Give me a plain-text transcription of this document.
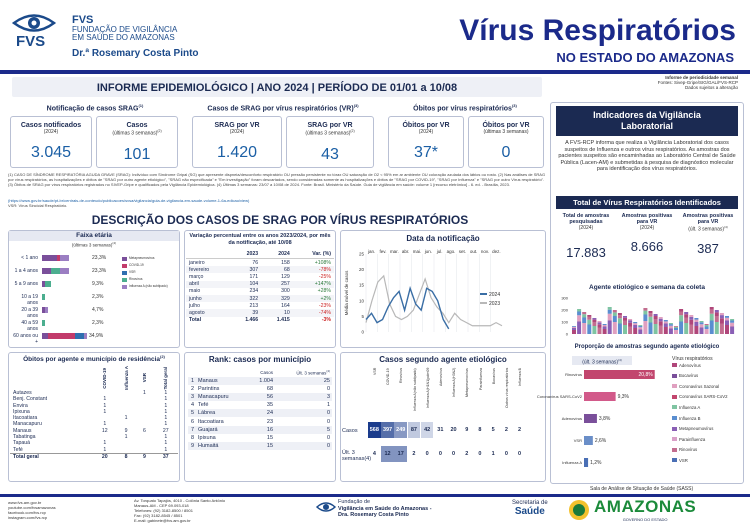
FVS
FVS
FUNDAÇÃO DE VIGILÂNCIA
EM SAÚDE DO AMAZONAS
Dr.ª Rosemary Costa Pinto
Vírus Respiratórios
NO ESTADO DO AMAZONAS
INFORME EPIDEMIOLÓGICO | ANO 2024 | PERÍODO DE 01/01 a 10/08
Informe de periodicidade semanal
Fontes: Sivep-Gripe/SIG/GAL/FVS-RCP
Dados sujeitos a alteração
Notificação de casos SRAG$^{(1)}$
Casos notificados
(2024)
3.045
Casos
(últimas 3 semanas)$^{(2)}$
101
Casos de SRAG por vírus respiratórios (VR)$^{(3)}$
SRAG por VR
(2024)
1.420
SRAG por VR
(últimas 3 semanas)$^{(2)}$
43
Óbitos por vírus respiratórios$^{(3)}$
Óbitos por VR
(2024)
37*
Óbitos por VR
(últimas 3 semanas)
0
(1) CASO DE SÍNDROME RESPIRATÓRIA AGUDA GRAVE (SRAG): Indivíduo com Síndrome Gripal (SG) que apresente dispneia/desconforto respiratório OU pressão persistente no tórax OU saturação de O2 < 95% em ar ambiente OU coloração azulada dos lábios ou rosto. (2) Nas análises de SRAG por vírus respiratórios, as hospitalizações e óbitos de "SRAG por outro agente etiológico", "SRAG não especificada" e "Em investigação" foram descartados, sendo consideradas somente as hospitalizações e óbitos de "SRAG por COVID-19", "SRAG por Influenza" e "SRAG por outro Vírus respiratório". (3) Óbitos de SRAG por vírus respiratórios registrados no SIVEP-Gripe e qualificados pela Vigilância Epidemiológica. (4) Últimas 3 semanas: 23/07 a 10/08 de 2024. Fonte: Brasil. Ministério da Saúde. Guia de vigilância em saúde: volume 1 [recurso eletrônico] - 6. ed. - Brasília, 2023.
(https://www.gov.br/saude/pt-br/centrais-de-conteudo/publicacoes/svsa/vigilancia/guia-de-vigilancia-em-saude-volume-1-6a-edicao/view)
VSR: Vírus Sincicial Respiratório.
DESCRIÇÃO DOS CASOS DE SRAG POR VÍRUS RESPIRATÓRIOS
Faixa etária
(últimas 3 semanas)$^{(4)}$
< 1 ano	23,3%
1 a 4 anos	23,3%
5 a 9 anos	9,3%
10 a 19 anos
2,3%
20 a 39 anos
4,7%
40 a 59 anos
2,3%
60 anos ou +
34,9%
Metapneumovírus
COVID-19
VSR
Rinovírus
Influenza A (não subtipado)
Variação percentual entre os anos 2023/2024, por mês da notificação, até 10/08
	2023	2024	Var. (%)
janeiro	76	158	+108%
fevereiro	307	68	-78%
março	171	129	-25%
abril	104	257	+147%
maio	234	300	+28%
junho	322	329	+2%
julho	213	164	-23%
agosto	39	10	-74%
Total	1.466	1.415	-3%
Data da notificação
jan. fev. mar. abr. mai. jun. jul. ago. set. out. nov. dez.
25
20
15
10
5
0
Média móvel de casos	2024
2023
Óbitos por agente e município de residência$^{(2)}$

	COVID-19	Influenza A	VSR	Total geral

Autazes			1	1
Benj. Constant	1			1
Envira	1			1
Ipixuna	1			1
Itacoatiara		1		1
Manacapuru	1			1
Manaus	12	9	6	27
Tabatinga		1		1
Tapauá	1			1
Tefé	1			1
Total geral	20	8	9	37
Rank: casos por município
		Casos	Últ. 3 semanas$^{(4)}$
1	Manaus	1.004	25
2	Parintins	68	0
3	Manacapuru	56	3
4	Tefé	35	1
5	Lábrea	24	0
6	Itacoatiara	23	0
7	Guajará	16	5
8	Ipixuna	15	0
9	Humaitá	15	0
Casos segundo agente etiológico
VSR	COVID-19	Rinovírus	Influenza A(não subtipado)	Influenza A(H1N1)pdm09	Adenovírus	Influenza A(H3N2)	Metapneumovírus	Parainfluenza	Bocavírus	Outros vírus respiratórios	Influenza B
Casos
Últ. 3 semanas(4)
568 397 249	87	42	31	20	9	8	5	2	2
4	12	17	2	0	0	0	2	0	1	0	0
Indicadores da Vigilância Laboratorial
A FVS-RCP informa que realiza a Vigilância Laboratorial dos casos suspeitos de Influenza e outros vírus respiratórios. As amostras dos pacientes suspeitos são encaminhadas ao Laboratório Central de Saúde Pública (Lacen-AM) e submetidas à pesquisa de diagnóstico molecular para identificação dos vírus respiratórios.
Total de Vírus Respiratórios Identificados
Total de amostras pesquisadas
(2024)
17.883
Amostras positivas para VR
(2024)
8.666
Amostras positivas para VR
(últ. 3 semanas)$^{(4)}$
387
Agente etiológico e semana da coleta
300
200
100
0
Proporção de amostras segundo agente etiológico
(últ. 3 semanas)$^{(4)}$
Rinovírus	20,8%
Coronavírus SARS-CoV2	9,3%
Adenovírus	3,8%
VSR	2,6%
Influenza A 1,2%
Vírus respiratórios
Adenovírus
Bocavírus
Coronavírus Sazonal
Coronavírus SARS-CoV2
Influenza A
Influenza B
Metapneumovírus
Parainfluenza
Rinovírus
VSR
Sala de Análise de Situação de Saúde (SASS)
www.fvs.am.gov.br
youtube.com/fvsamazonas
facebook.com/fvs.rcp
instagram.com/fvs.rcp
Av. Torquato Tapajós, 4010 - Colônia Santo Antônio
Manaus-AM - CEP 69.093-018
Telefones: (92) 3182-8500 / 8501
Fax: (92) 3182-8545 / 8501
E-mail: gabinete@fvs.am.gov.br
Fundação de
Vigilância em Saúde do Amazonas -
Dra. Rosemary Costa Pinto
Secretaria de
Saúde	AMAZONAS
GOVERNO DO ESTADO
